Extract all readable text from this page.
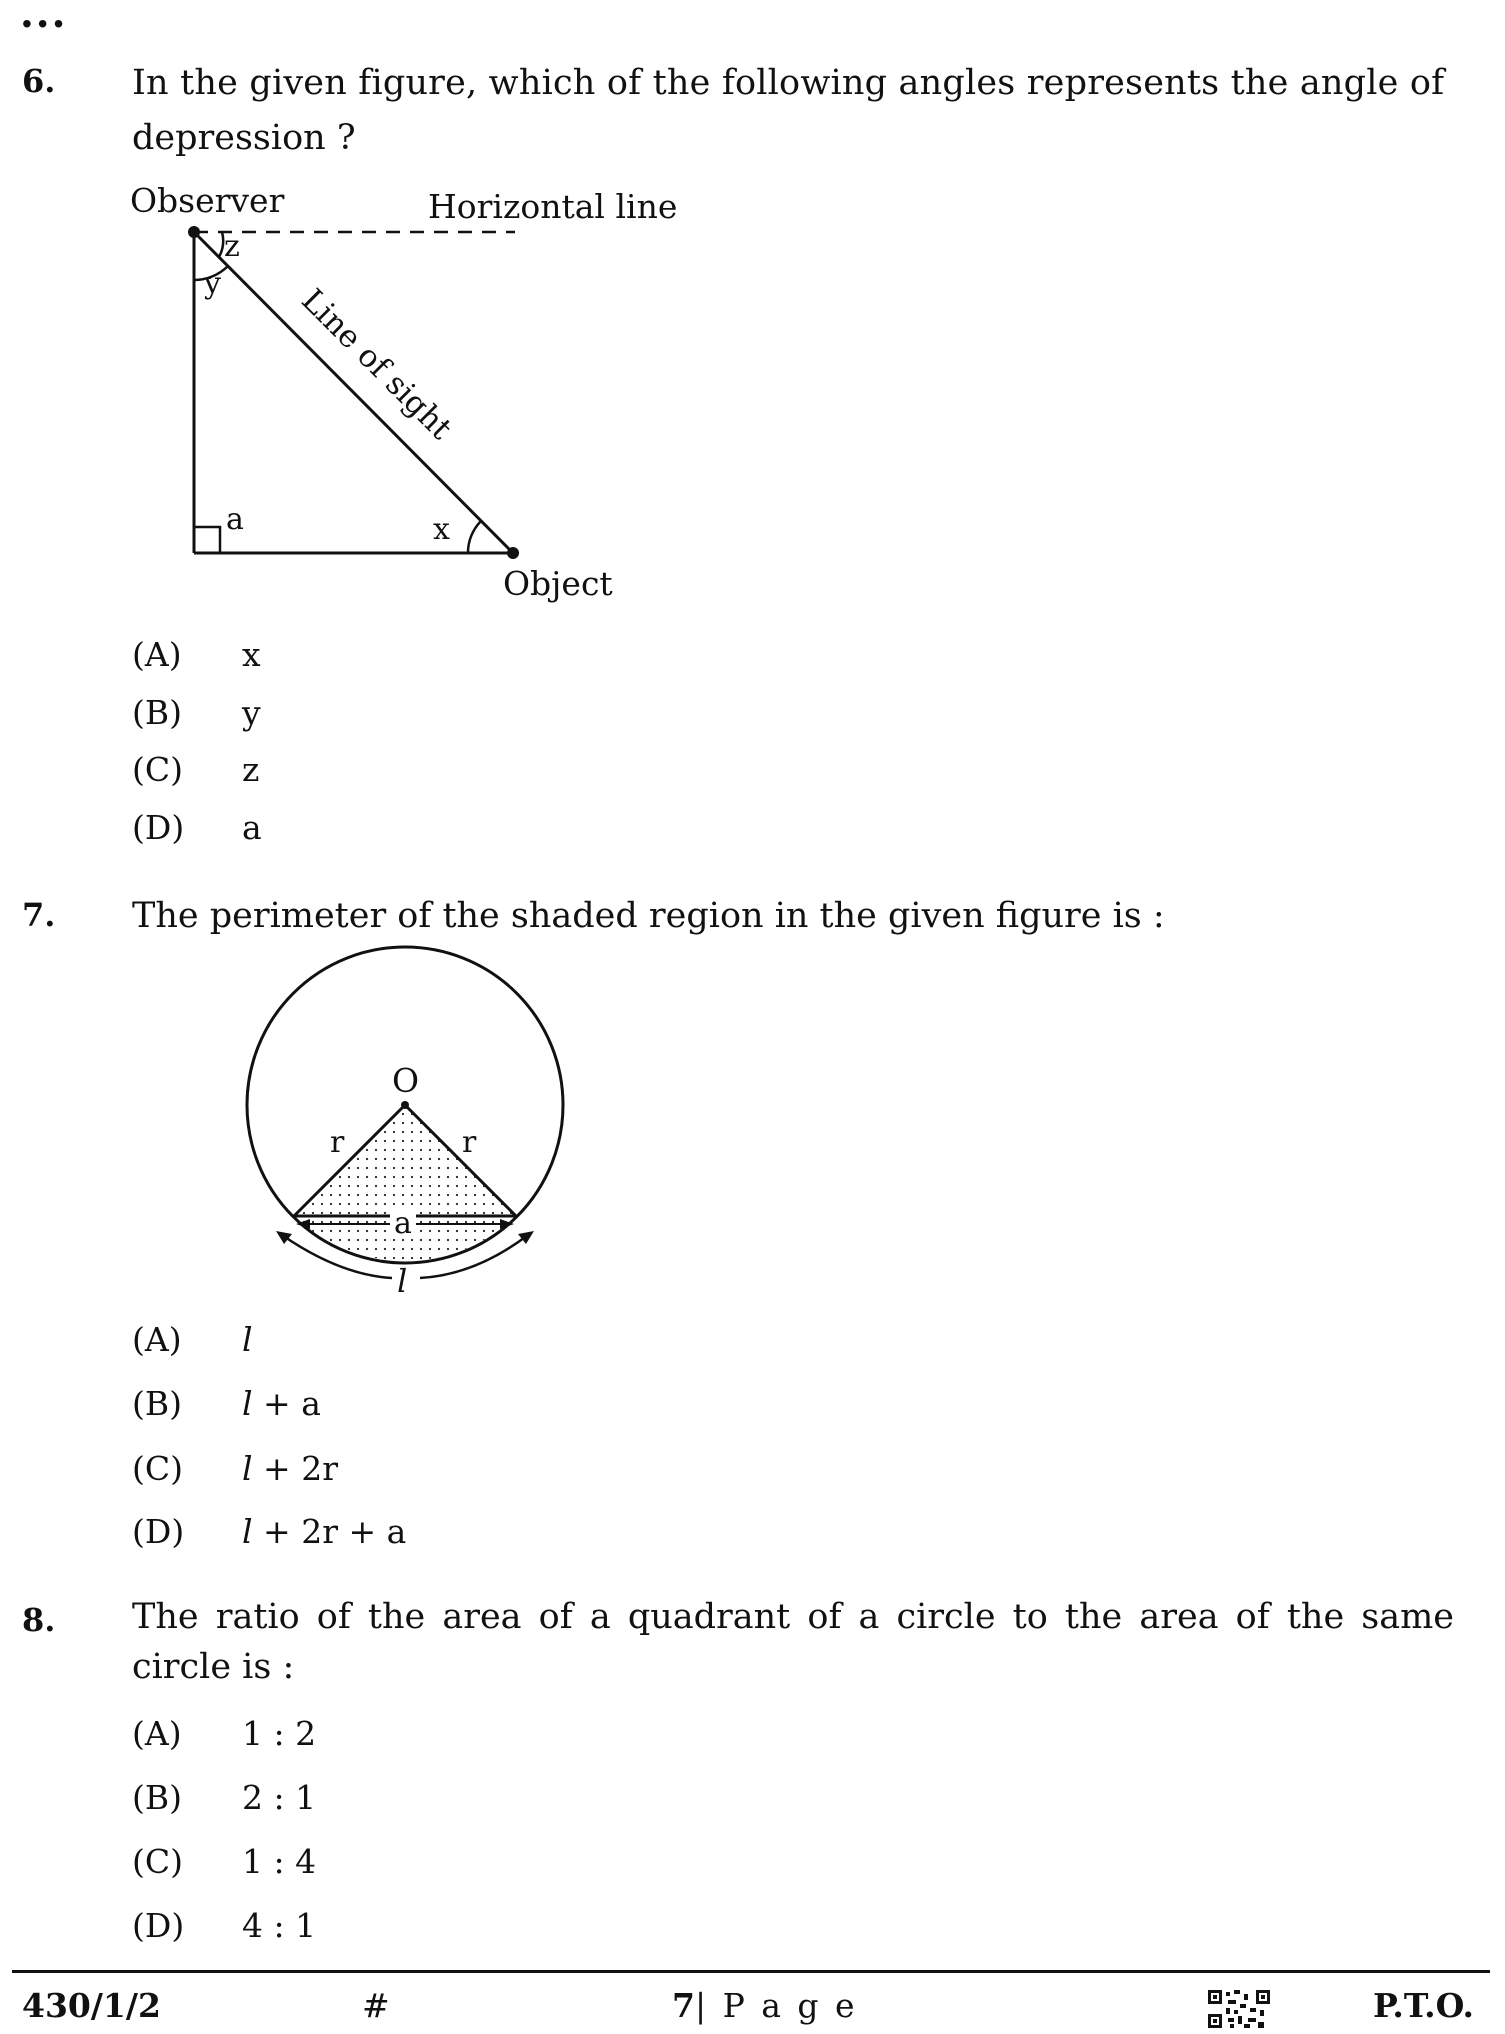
•••
6. In the given figure, which of the following angles represents the angle of
depression ?
Observer	Horizontal line
z
y
a	x
Line of sight
Object
(A) x
(B) y
(C) z
(D) a
7. The perimeter of the shaded region in the given figure is :
O
r	r
a
l
(A) l
(B) l + a
(C) l + 2r
(D) l + 2r + a
8. The ratio of the area of a quadrant of a circle to the area of the same
circle is :
(A) 1 : 2
(B) 2 : 1
(C) 1 : 4
(D) 4 : 1
430/1/2	#	7| P a g e	P.T.O.
